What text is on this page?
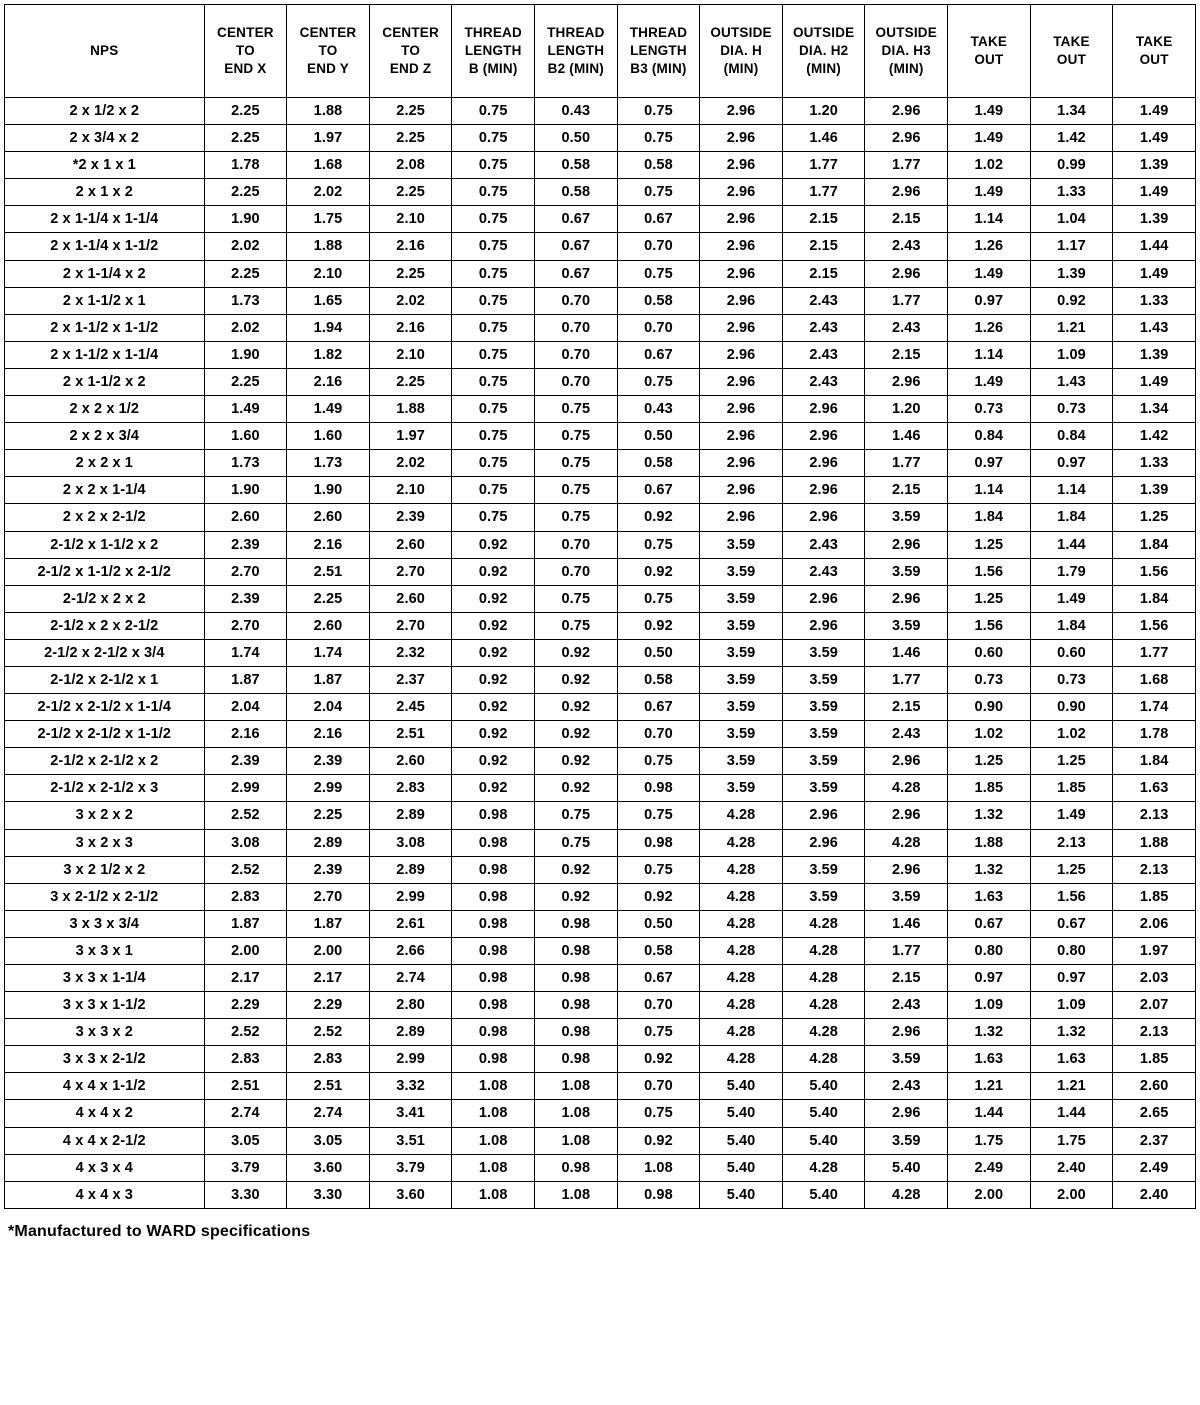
NPS	CENTER
TO
END X	CENTER
TO
END Y	CENTER
TO
END Z	THREAD
LENGTH
B (MIN)	THREAD
LENGTH
B2 (MIN)	THREAD
LENGTH
B3 (MIN)	OUTSIDE
DIA. H
(MIN)	OUTSIDE
DIA. H2
(MIN)	OUTSIDE
DIA. H3
(MIN)	TAKE
OUT	TAKE
OUT	TAKE
OUT

2 x 1/2 x 2	2.25	1.88	2.25	0.75	0.43	0.75	2.96	1.20	2.96	1.49	1.34	1.49
2 x 3/4 x 2	2.25	1.97	2.25	0.75	0.50	0.75	2.96	1.46	2.96	1.49	1.42	1.49
*2 x 1 x 1	1.78	1.68	2.08	0.75	0.58	0.58	2.96	1.77	1.77	1.02	0.99	1.39
2 x 1 x 2	2.25	2.02	2.25	0.75	0.58	0.75	2.96	1.77	2.96	1.49	1.33	1.49
2 x 1-1/4 x 1-1/4	1.90	1.75	2.10	0.75	0.67	0.67	2.96	2.15	2.15	1.14	1.04	1.39
2 x 1-1/4 x 1-1/2	2.02	1.88	2.16	0.75	0.67	0.70	2.96	2.15	2.43	1.26	1.17	1.44
2 x 1-1/4 x 2	2.25	2.10	2.25	0.75	0.67	0.75	2.96	2.15	2.96	1.49	1.39	1.49
2 x 1-1/2 x 1	1.73	1.65	2.02	0.75	0.70	0.58	2.96	2.43	1.77	0.97	0.92	1.33
2 x 1-1/2 x 1-1/2	2.02	1.94	2.16	0.75	0.70	0.70	2.96	2.43	2.43	1.26	1.21	1.43
2 x 1-1/2 x 1-1/4	1.90	1.82	2.10	0.75	0.70	0.67	2.96	2.43	2.15	1.14	1.09	1.39
2 x 1-1/2 x 2	2.25	2.16	2.25	0.75	0.70	0.75	2.96	2.43	2.96	1.49	1.43	1.49
2 x 2 x 1/2	1.49	1.49	1.88	0.75	0.75	0.43	2.96	2.96	1.20	0.73	0.73	1.34
2 x 2 x 3/4	1.60	1.60	1.97	0.75	0.75	0.50	2.96	2.96	1.46	0.84	0.84	1.42
2 x 2 x 1	1.73	1.73	2.02	0.75	0.75	0.58	2.96	2.96	1.77	0.97	0.97	1.33
2 x 2 x 1-1/4	1.90	1.90	2.10	0.75	0.75	0.67	2.96	2.96	2.15	1.14	1.14	1.39
2 x 2 x 2-1/2	2.60	2.60	2.39	0.75	0.75	0.92	2.96	2.96	3.59	1.84	1.84	1.25
2-1/2 x 1-1/2 x 2	2.39	2.16	2.60	0.92	0.70	0.75	3.59	2.43	2.96	1.25	1.44	1.84
2-1/2 x 1-1/2 x 2-1/2	2.70	2.51	2.70	0.92	0.70	0.92	3.59	2.43	3.59	1.56	1.79	1.56
2-1/2 x 2 x 2	2.39	2.25	2.60	0.92	0.75	0.75	3.59	2.96	2.96	1.25	1.49	1.84
2-1/2 x 2 x 2-1/2	2.70	2.60	2.70	0.92	0.75	0.92	3.59	2.96	3.59	1.56	1.84	1.56
2-1/2 x 2-1/2 x 3/4	1.74	1.74	2.32	0.92	0.92	0.50	3.59	3.59	1.46	0.60	0.60	1.77
2-1/2 x 2-1/2 x 1	1.87	1.87	2.37	0.92	0.92	0.58	3.59	3.59	1.77	0.73	0.73	1.68
2-1/2 x 2-1/2 x 1-1/4	2.04	2.04	2.45	0.92	0.92	0.67	3.59	3.59	2.15	0.90	0.90	1.74
2-1/2 x 2-1/2 x 1-1/2	2.16	2.16	2.51	0.92	0.92	0.70	3.59	3.59	2.43	1.02	1.02	1.78
2-1/2 x 2-1/2 x 2	2.39	2.39	2.60	0.92	0.92	0.75	3.59	3.59	2.96	1.25	1.25	1.84
2-1/2 x 2-1/2 x 3	2.99	2.99	2.83	0.92	0.92	0.98	3.59	3.59	4.28	1.85	1.85	1.63
3 x 2 x 2	2.52	2.25	2.89	0.98	0.75	0.75	4.28	2.96	2.96	1.32	1.49	2.13
3 x 2 x 3	3.08	2.89	3.08	0.98	0.75	0.98	4.28	2.96	4.28	1.88	2.13	1.88
3 x 2 1/2 x 2	2.52	2.39	2.89	0.98	0.92	0.75	4.28	3.59	2.96	1.32	1.25	2.13
3 x 2-1/2 x 2-1/2	2.83	2.70	2.99	0.98	0.92	0.92	4.28	3.59	3.59	1.63	1.56	1.85
3 x 3 x 3/4	1.87	1.87	2.61	0.98	0.98	0.50	4.28	4.28	1.46	0.67	0.67	2.06
3 x 3 x 1	2.00	2.00	2.66	0.98	0.98	0.58	4.28	4.28	1.77	0.80	0.80	1.97
3 x 3 x 1-1/4	2.17	2.17	2.74	0.98	0.98	0.67	4.28	4.28	2.15	0.97	0.97	2.03
3 x 3 x 1-1/2	2.29	2.29	2.80	0.98	0.98	0.70	4.28	4.28	2.43	1.09	1.09	2.07
3 x 3 x 2	2.52	2.52	2.89	0.98	0.98	0.75	4.28	4.28	2.96	1.32	1.32	2.13
3 x 3 x 2-1/2	2.83	2.83	2.99	0.98	0.98	0.92	4.28	4.28	3.59	1.63	1.63	1.85
4 x 4 x 1-1/2	2.51	2.51	3.32	1.08	1.08	0.70	5.40	5.40	2.43	1.21	1.21	2.60
4 x 4 x 2	2.74	2.74	3.41	1.08	1.08	0.75	5.40	5.40	2.96	1.44	1.44	2.65
4 x 4 x 2-1/2	3.05	3.05	3.51	1.08	1.08	0.92	5.40	5.40	3.59	1.75	1.75	2.37
4 x 3 x 4	3.79	3.60	3.79	1.08	0.98	1.08	5.40	4.28	5.40	2.49	2.40	2.49
4 x 4 x 3	3.30	3.30	3.60	1.08	1.08	0.98	5.40	5.40	4.28	2.00	2.00	2.40
*Manufactured to WARD specifications
